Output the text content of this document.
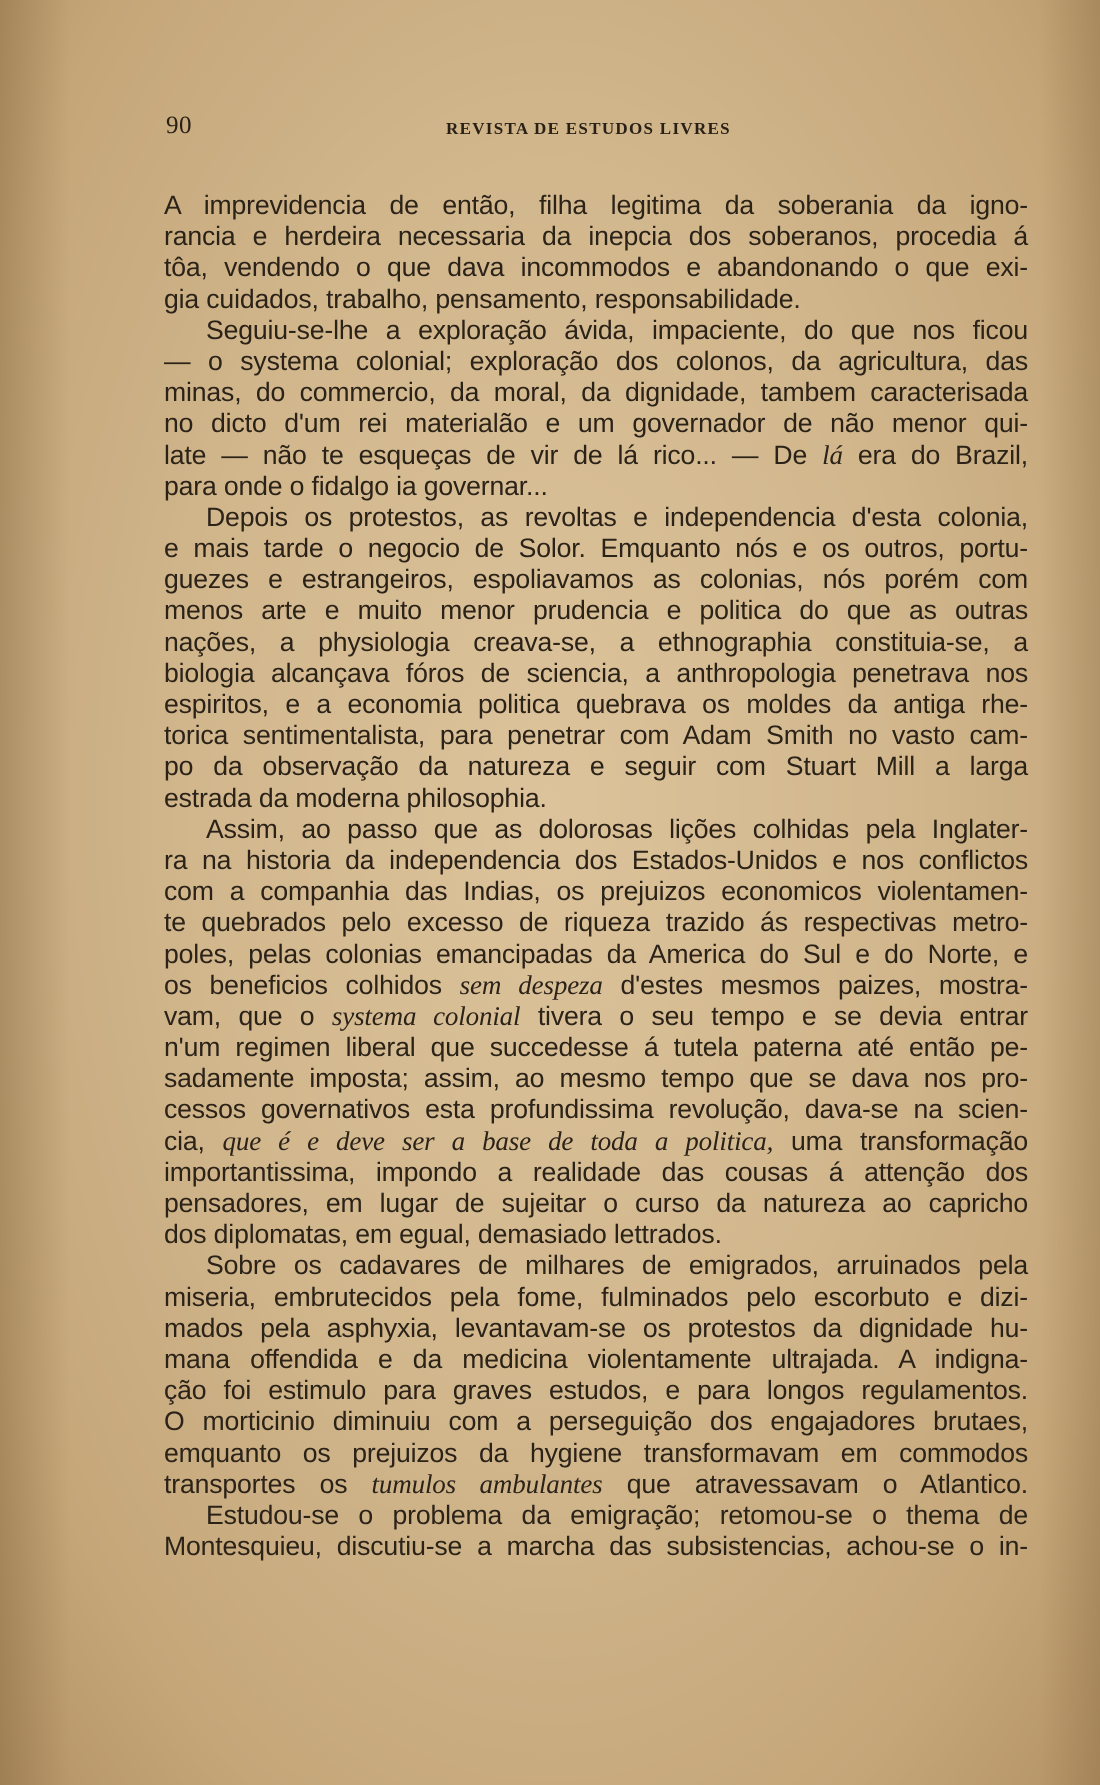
90	REVISTA DE ESTUDOS LIVRES
A imprevidencia de então, filha legitima da soberania da igno-
rancia e herdeira necessaria da inepcia dos soberanos, procedia á
tôa, vendendo o que dava incommodos e abandonando o que exi-
gia cuidados, trabalho, pensamento, responsabilidade.
Seguiu-se-lhe a exploração ávida, impaciente, do que nos ficou
— o systema colonial; exploração dos colonos, da agricultura, das
minas, do commercio, da moral, da dignidade, tambem caracterisada
no dicto d'um rei materialão e um governador de não menor qui-
late — não te esqueças de vir de lá rico... — De lá era do Brazil,
para onde o fidalgo ia governar...
Depois os protestos, as revoltas e independencia d'esta colonia,
e mais tarde o negocio de Solor. Emquanto nós e os outros, portu-
guezes e estrangeiros, espoliavamos as colonias, nós porém com
menos arte e muito menor prudencia e politica do que as outras
nações, a physiologia creava-se, a ethnographia constituia-se, a
biologia alcançava fóros de sciencia, a anthropologia penetrava nos
espiritos, e a economia politica quebrava os moldes da antiga rhe-
torica sentimentalista, para penetrar com Adam Smith no vasto cam-
po da observação da natureza e seguir com Stuart Mill a larga
estrada da moderna philosophia.
Assim, ao passo que as dolorosas lições colhidas pela Inglater-
ra na historia da independencia dos Estados-Unidos e nos conflictos
com a companhia das Indias, os prejuizos economicos violentamen-
te quebrados pelo excesso de riqueza trazido ás respectivas metro-
poles, pelas colonias emancipadas da America do Sul e do Norte, e
os beneficios colhidos sem despeza d'estes mesmos paizes, mostra-
vam, que o systema colonial tivera o seu tempo e se devia entrar
n'um regimen liberal que succedesse á tutela paterna até então pe-
sadamente imposta; assim, ao mesmo tempo que se dava nos pro-
cessos governativos esta profundissima revolução, dava-se na scien-
cia, que é e deve ser a base de toda a politica, uma transformação
importantissima, impondo a realidade das cousas á attenção dos
pensadores, em lugar de sujeitar o curso da natureza ao capricho
dos diplomatas, em egual, demasiado lettrados.
Sobre os cadavares de milhares de emigrados, arruinados pela
miseria, embrutecidos pela fome, fulminados pelo escorbuto e dizi-
mados pela asphyxia, levantavam-se os protestos da dignidade hu-
mana offendida e da medicina violentamente ultrajada. A indigna-
ção foi estimulo para graves estudos, e para longos regulamentos.
O morticinio diminuiu com a perseguição dos engajadores brutaes,
emquanto os prejuizos da hygiene transformavam em commodos
transportes os tumulos ambulantes que atravessavam o Atlantico.
Estudou-se o problema da emigração; retomou-se o thema de
Montesquieu, discutiu-se a marcha das subsistencias, achou-se o in-
